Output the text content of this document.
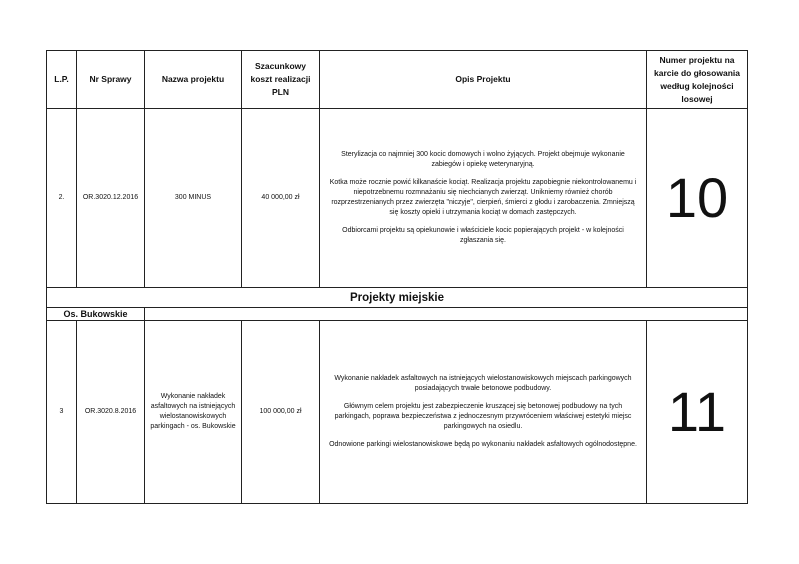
L.P.	Nr Sprawy	Nazwa projektu	Szacunkowy koszt realizacji PLN	Opis Projektu	Numer projektu na karcie do głosowania według kolejności losowej
2.	OR.3020.12.2016	300 MINUS	40 000,00 zł	Sterylizacja co najmniej 300 kocic domowych i wolno żyjących. Projekt obejmuje wykonanie zabiegów i opiekę weterynaryjną.

Kotka może rocznie powić kilkanaście kociąt. Realizacja projektu zapobiegnie niekontrolowanemu i niepotrzebnemu rozmnażaniu się niechcianych zwierząt. Unikniemy również chorób rozprzestrzenianych przez zwierzęta "niczyje", cierpień, śmierci z głodu i zarobaczenia. Zmniejszą się koszty opieki i utrzymania kociąt w domach zastępczych.

Odbiorcami projektu są opiekunowie i właściciele kocic popierających projekt - w kolejności zgłaszania się.	10
Projekty miejskie					
Os. Bukowskie					
3	OR.3020.8.2016	Wykonanie nakładek asfaltowych na istniejących wielostanowiskowych parkingach - os. Bukowskie	100 000,00 zł	Wykonanie nakładek asfaltowych na istniejących wielostanowiskowych miejscach parkingowych posiadających trwałe betonowe podbudowy.

Głównym celem projektu jest zabezpieczenie kruszącej się betonowej podbudowy na tych parkingach, poprawa bezpieczeństwa z jednoczesnym przywróceniem właściwej estetyki miejsc parkingowych na osiedlu.

Odnowione parkingi wielostanowiskowe będą po wykonaniu nakładek asfaltowych ogólnodostępne.	11
